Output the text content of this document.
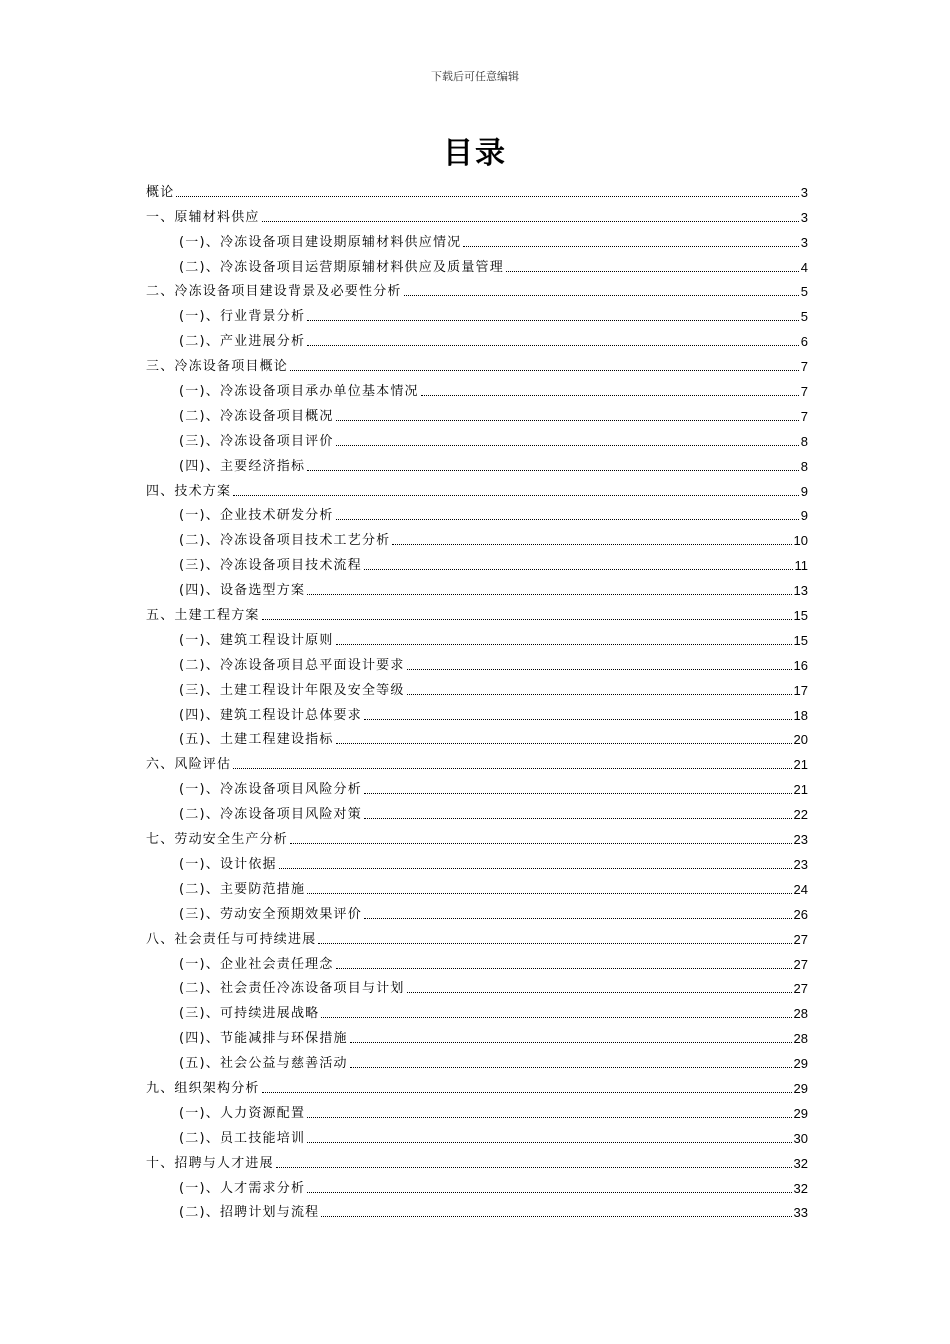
下载后可任意编辑
目录
概论	3
一、原辅材料供应	3
(一)、冷冻设备项目建设期原辅材料供应情况	3
(二)、冷冻设备项目运营期原辅材料供应及质量管理	4
二、冷冻设备项目建设背景及必要性分析	5
(一)、行业背景分析	5
(二)、产业进展分析	6
三、冷冻设备项目概论	7
(一)、冷冻设备项目承办单位基本情况	7
(二)、冷冻设备项目概况	7
(三)、冷冻设备项目评价	8
(四)、主要经济指标	8
四、技术方案	9
(一)、企业技术研发分析	9
(二)、冷冻设备项目技术工艺分析	10
(三)、冷冻设备项目技术流程	11
(四)、设备选型方案	13
五、土建工程方案	15
(一)、建筑工程设计原则	15
(二)、冷冻设备项目总平面设计要求	16
(三)、土建工程设计年限及安全等级	17
(四)、建筑工程设计总体要求	18
(五)、土建工程建设指标	20
六、风险评估	21
(一)、冷冻设备项目风险分析	21
(二)、冷冻设备项目风险对策	22
七、劳动安全生产分析	23
(一)、设计依据	23
(二)、主要防范措施	24
(三)、劳动安全预期效果评价	26
八、社会责任与可持续进展	27
(一)、企业社会责任理念	27
(二)、社会责任冷冻设备项目与计划	27
(三)、可持续进展战略	28
(四)、节能减排与环保措施	28
(五)、社会公益与慈善活动	29
九、组织架构分析	29
(一)、人力资源配置	29
(二)、员工技能培训	30
十、招聘与人才进展	32
(一)、人才需求分析	32
(二)、招聘计划与流程	33
